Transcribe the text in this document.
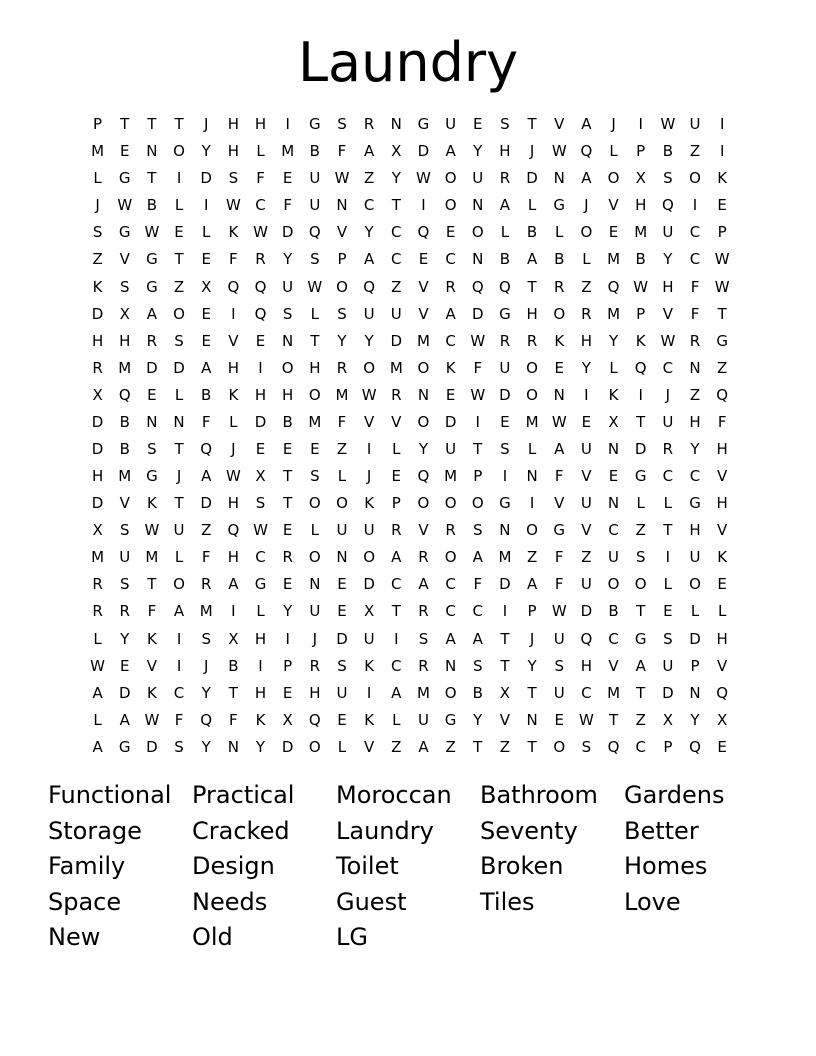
Laundry
P	T	T	T	J	H	H	I	G	S	R	N	G	U	E	S	T	V	A	J	I	W U	I
M	E	N	O	Y	H	L	M	B	F	A	X	D	A	Y	H	J	W Q	L	P	B	Z	I
L	G	T	I	D	S	F	E	U W Z	Y	W O	U	R	D	N	A	O	X	S	O	K
J	W B	L	I	W C	F	U	N	C	T	I	O	N	A	L	G	J	V	H	Q	I	E
S	G W E	L	K W D	Q	V	Y	C	Q	E	O	L	B	L	O	E	M	U	C	P
Z	V	G	T	E	F	R	Y	S	P	A	C	E	C	N	B	A	B	L	M	B	Y	C W
K	S	G	Z	X	Q	Q	U W O	Q	Z	V	R	Q	Q	T	R	Z	Q W H	F	W
D	X	A	O	E	I	Q	S	L	S	U	U	V	A	D	G	H	O	R	M	P	V	F	T
H	H	R	S	E	V	E	N	T	Y	Y	D M	C W R	R	K	H	Y	K W R	G
R	M D	D	A	H	I	O	H	R	O M O	K	F	U	O	E	Y	L	Q	C	N	Z
X	Q	E	L	B	K	H	H	O M W R	N	E	W D	O	N	I	K	I	J	Z	Q
D	B	N	N	F	L	D	B	M	F	V	V	O	D	I	E	M W E	X	T	U	H	F
D	B	S	T	Q	J	E	E	E	Z	I	L	Y	U	T	S	L	A	U	N	D	R	Y	H
H	M G	J	A W X	T	S	L	J	E	Q M	P	I	N	F	V	E	G	C	C	V
D	V	K	T	D	H	S	T	O	O	K	P	O	O	O	G	I	V	U	N	L	L	G	H
X	S W U	Z	Q W E	L	U	U	R	V	R	S	N	O	G	V	C	Z	T	H	V
M	U	M	L	F	H	C	R	O	N	O	A	R	O	A	M	Z	F	Z	U	S	I	U	K
R	S	T	O	R	A	G	E	N	E	D	C	A	C	F	D	A	F	U	O	O	L	O	E
R	R	F	A	M	I	L	Y	U	E	X	T	R	C	C	I	P	W D	B	T	E	L	L
L	Y	K	I	S	X	H	I	J	D	U	I	S	A	A	T	J	U	Q	C	G	S	D	H
W E	V	I	J	B	I	P	R	S	K	C	R	N	S	T	Y	S	H	V	A	U	P	V
A	D	K	C	Y	T	H	E	H	U	I	A	M O	B	X	T	U	C	M	T	D	N	Q
L	A W	F	Q	F	K	X	Q	E	K	L	U	G	Y	V	N	E	W	T	Z	X	Y	X
A	G	D	S	Y	N	Y	D	O	L	V	Z	A	Z	T	Z	T	O	S	Q	C	P	Q	E
Functional Practical	Moroccan	Bathroom	Gardens
Storage	Cracked	Laundry	Seventy	Better
Family	Design	Toilet	Broken	Homes
Space	Needs	Guest	Tiles	Love
New	Old	LG
